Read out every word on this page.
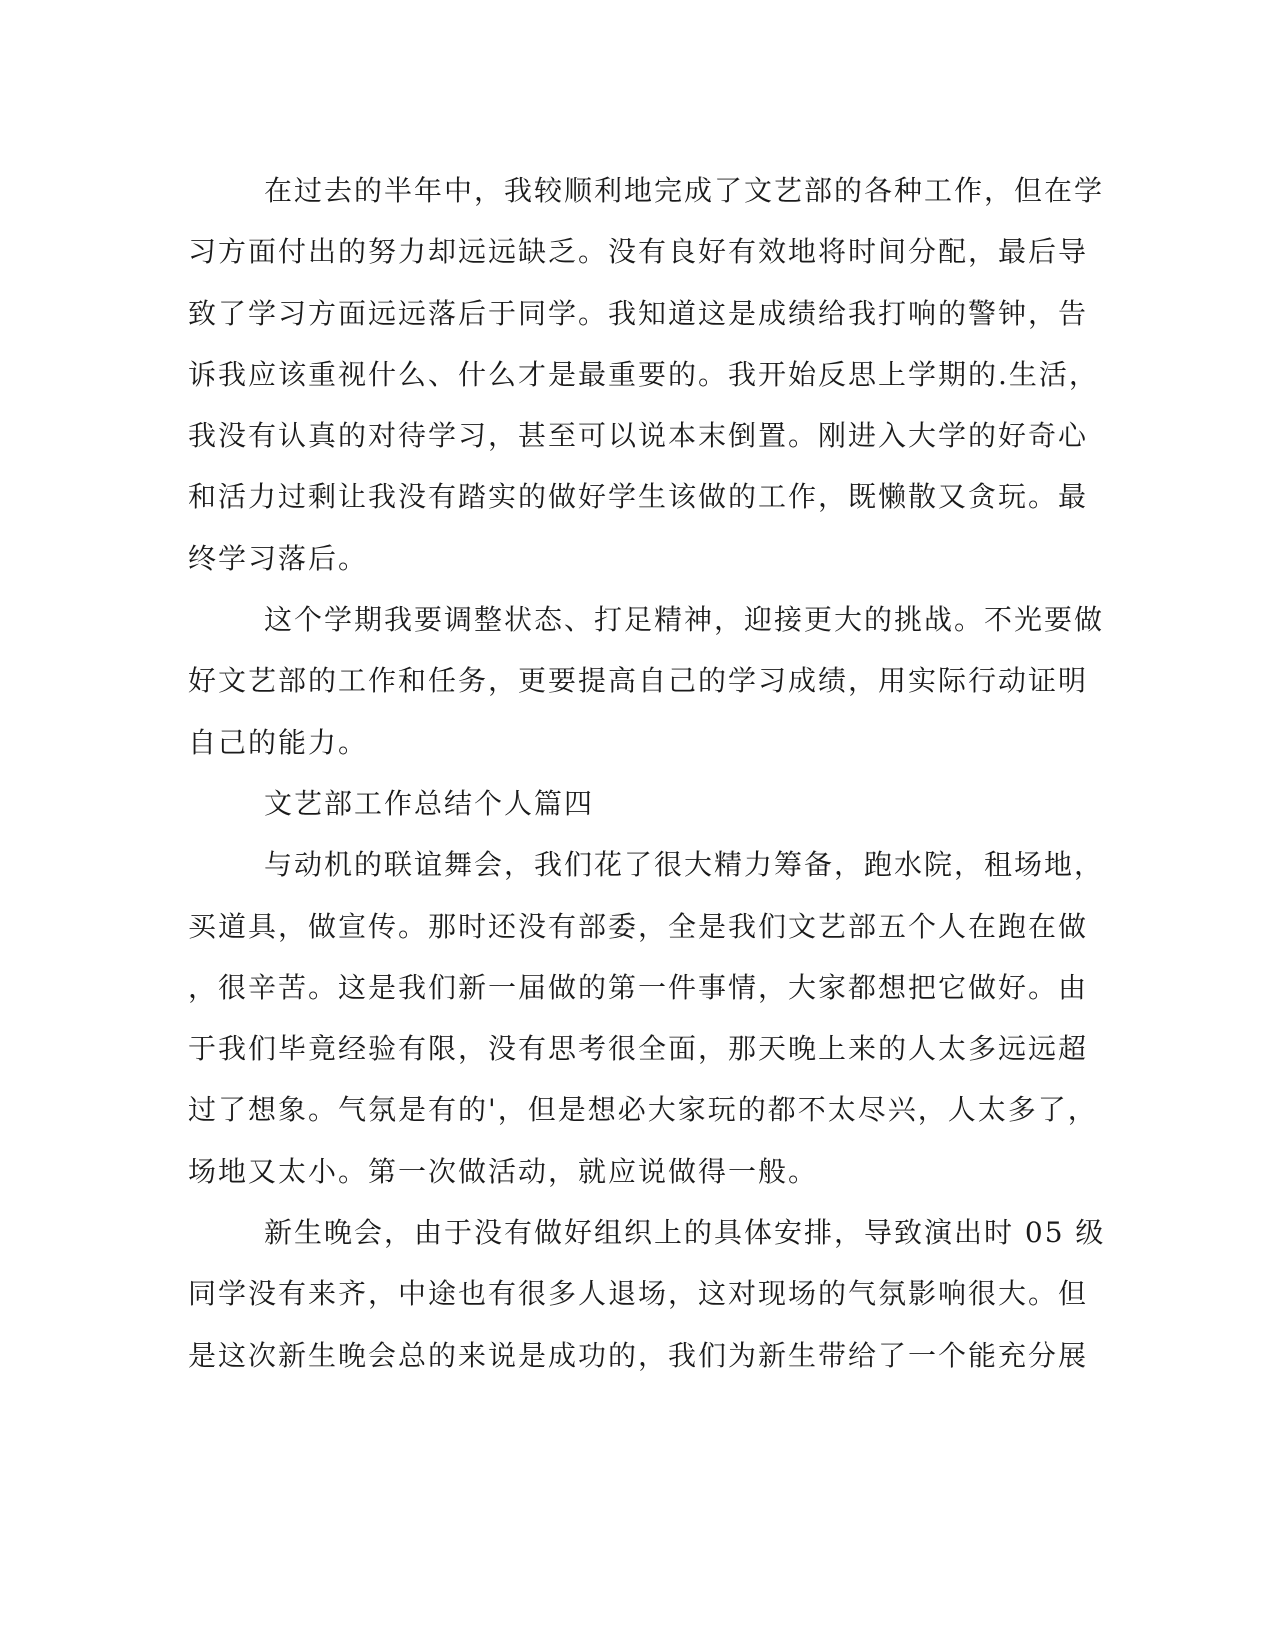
在过去的半年中，我较顺利地完成了文艺部的各种工作，但在学
习方面付出的努力却远远缺乏。没有良好有效地将时间分配，最后导
致了学习方面远远落后于同学。我知道这是成绩给我打响的警钟，告
诉我应该重视什么、什么才是最重要的。我开始反思上学期的.生活，
我没有认真的对待学习，甚至可以说本末倒置。刚进入大学的好奇心
和活力过剩让我没有踏实的做好学生该做的工作，既懒散又贪玩。最
终学习落后。
这个学期我要调整状态、打足精神，迎接更大的挑战。不光要做
好文艺部的工作和任务，更要提高自己的学习成绩，用实际行动证明
自己的能力。
文艺部工作总结个人篇四
与动机的联谊舞会，我们花了很大精力筹备，跑水院，租场地，
买道具，做宣传。那时还没有部委，全是我们文艺部五个人在跑在做
，很辛苦。这是我们新一届做的第一件事情，大家都想把它做好。由
于我们毕竟经验有限，没有思考很全面，那天晚上来的人太多远远超
过了想象。气氛是有的'，但是想必大家玩的都不太尽兴，人太多了，
场地又太小。第一次做活动，就应说做得一般。
新生晚会，由于没有做好组织上的具体安排，导致演出时 05 级
同学没有来齐，中途也有很多人退场，这对现场的气氛影响很大。但
是这次新生晚会总的来说是成功的，我们为新生带给了一个能充分展
